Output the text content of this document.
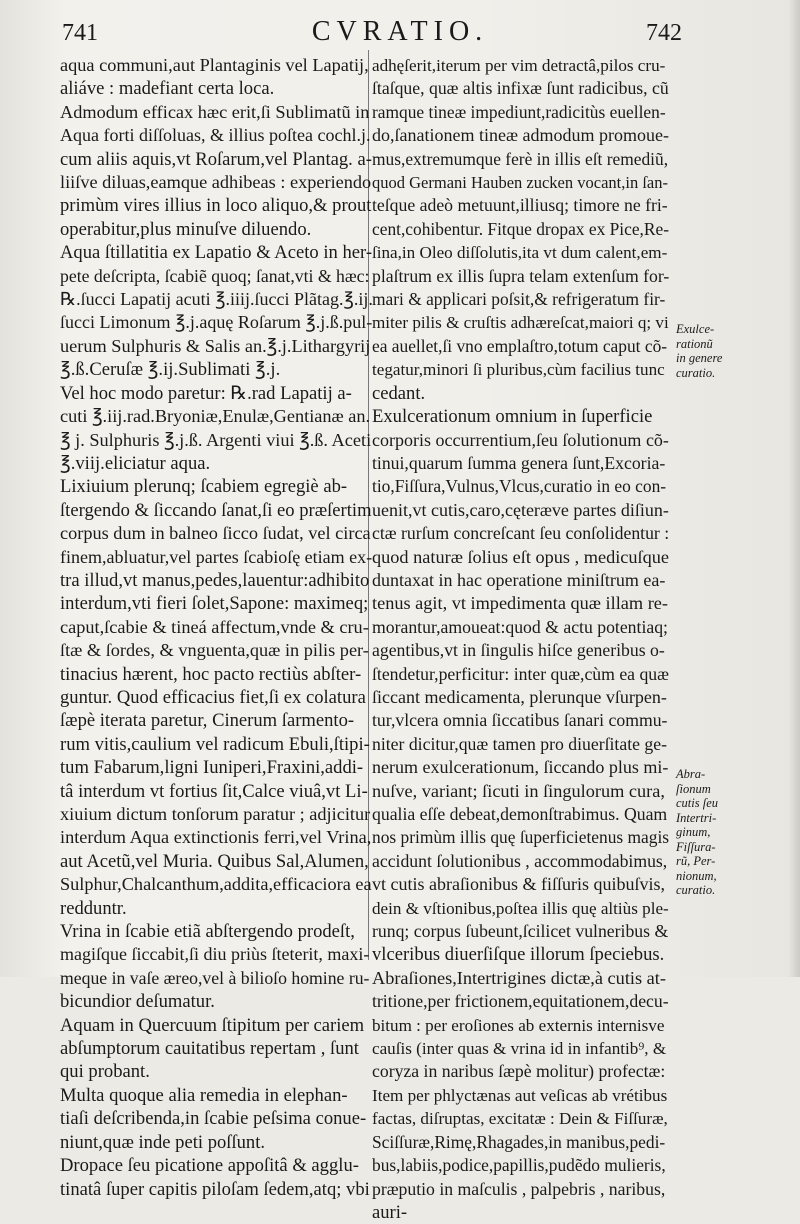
741	CVRATIO.	742
aqua communi,aut Plantaginis vel Lapatij,
aliáve : madefiant certa loca.
Admodum efficax hæc erit,ſi Sublimatũ in
Aqua forti diſſoluas, & illius poſtea cochl.j.
cum aliis aquis,vt Roſarum,vel Plantag. a-
liiſve diluas,eamque adhibeas : experiendo
primùm vires illius in loco aliquo,& prout
operabitur,plus minuſve diluendo.
Aqua ſtillatitia ex Lapatio & Aceto in her-
pete deſcripta, ſcabiẽ quoq; ſanat,vti & hæc:
℞.ſucci Lapatij acuti ℥.iiij.ſucci Plãtag.℥.ij.
ſucci Limonum ℥.j.aquę Roſarum ℥.j.ß.pul-
uerum Sulphuris & Salis an.℥.j.Lithargyrij
℥.ß.Ceruſæ ℥.ij.Sublimati ℥.j.
Vel hoc modo paretur: ℞.rad Lapatij a-
cuti ℥.iij.rad.Bryoniæ,Enulæ,Gentianæ an.
℥ j. Sulphuris ℥.j.ß. Argenti viui ℥.ß. Aceti
℥.viij.eliciatur aqua.
Lixiuium plerunq; ſcabiem egregiè ab-
ſtergendo & ſiccando ſanat,ſi eo præſertim
corpus dum in balneo ſicco ſudat, vel circa
finem,abluatur,vel partes ſcabioſę etiam ex-
tra illud,vt manus,pedes,lauentur:adhibito
interdum,vti fieri ſolet,Sapone: maximeq;
caput,ſcabie & tineá affectum,vnde & cru-
ſtæ & ſordes, & vnguenta,quæ in pilis per-
tinacius hærent, hoc pacto rectiùs abſter-
guntur. Quod efficacius fiet,ſi ex colatura
ſæpè iterata paretur, Cinerum ſarmento-
rum vitis,caulium vel radicum Ebuli,ſtipi-
tum Fabarum,ligni Iuniperi,Fraxini,addi-
tâ interdum vt fortius ſit,Calce viuâ,vt Li-
xiuium dictum tonſorum paratur ; adjicitur
interdum Aqua extinctionis ferri,vel Vrina,
aut Acetũ,vel Muria. Quibus Sal,Alumen,
Sulphur,Chalcanthum,addita,efficaciora ea
redduntr.
Vrina in ſcabie etiã abſtergendo prodeſt,
magiſque ſiccabit,ſi diu priùs ſteterit, maxi-
meque in vaſe æreo,vel à bilioſo homine ru-
bicundior deſumatur.
Aquam in Quercuum ſtipitum per cariem
abſumptorum cauitatibus repertam , ſunt
qui probant.
Multa quoque alia remedia in elephan-
tiaſi deſcribenda,in ſcabie peſsima conue-
niunt,quæ inde peti poſſunt.
Dropace ſeu picatione appoſitâ & agglu-
tinatâ ſuper capitis piloſam ſedem,atq; vbi
adhęſerit,iterum per vim detractâ,pilos cru-
ſtaſque, quæ altis infixæ ſunt radicibus, cũ
ramque tineæ impediunt,radicitùs euellen-
do,ſanationem tineæ admodum promoue-
mus,extremumque ferè in illis eſt remediũ,
quod Germani Hauben zucken vocant,in ſan-
teſque adeò metuunt,illiusq; timore ne fri-
cent,cohibentur. Fitque dropax ex Pice,Re-
ſina,in Oleo diſſolutis,ita vt dum calent,em-
plaſtrum ex illis ſupra telam extenſum for-
mari & applicari poſsit,& refrigeratum fir-
miter pilis & cruſtis adhæreſcat,maiori q; vi
ea auellet,ſi vno emplaſtro,totum caput cõ-
tegatur,minori ſi pluribus,cùm facilius tunc
cedant.
Exulcerationum omnium in ſuperficie
corporis occurrentium,ſeu ſolutionum cõ-
tinui,quarum ſumma genera ſunt,Excoria-
tio,Fiſſura,Vulnus,Vlcus,curatio in eo con-
uenit,vt cutis,caro,cęteræve partes diſiun-
ctæ rurſum concreſcant ſeu conſolidentur :
quod naturæ ſolius eſt opus , medicuſque
duntaxat in hac operatione miniſtrum ea-
tenus agit, vt impedimenta quæ illam re-
morantur,amoueat:quod & actu potentiaq;
agentibus,vt in ſingulis hiſce generibus o-
ſtendetur,perficitur: inter quæ,cùm ea quæ
ſiccant medicamenta, plerunque vſurpen-
tur,vlcera omnia ſiccatibus ſanari commu-
niter dicitur,quæ tamen pro diuerſitate ge-
nerum exulcerationum, ſiccando plus mi-
nuſve, variant; ſicuti in ſingulorum cura,
qualia eſſe debeat,demonſtrabimus. Quam
nos primùm illis quę ſuperficietenus magis
accidunt ſolutionibus , accommodabimus,
vt cutis abraſionibus & fiſſuris quibuſvis,
dein & vſtionibus,poſtea illis quę altiùs ple-
runq; corpus ſubeunt,ſcilicet vulneribus &
vlceribus diuerſiſque illorum ſpeciebus.
Abraſiones,Intertrigines dictæ,à cutis at-
tritione,per frictionem,equitationem,decu-
bitum : per eroſiones ab externis internisve
cauſis (inter quas & vrina id in infantib⁹, &
coryza in naribus ſæpè molitur) profectæ:
Item per phlyctænas aut veſicas ab vrétibus
factas, diſruptas, excitatæ : Dein & Fiſſuræ,
Sciſſuræ,Rimę,Rhagades,in manibus,pedi-
bus,labiis,podice,papillis,pudẽdo mulieris,
præputio in maſculis , palpebris , naribus,
auri-
Exulce-
rationũ
in genere
curatio.
Abra-
ſionum
cutis ſeu
Intertri-
ginum,
Fiſſura-
rũ, Per-
nionum,
curatio.
